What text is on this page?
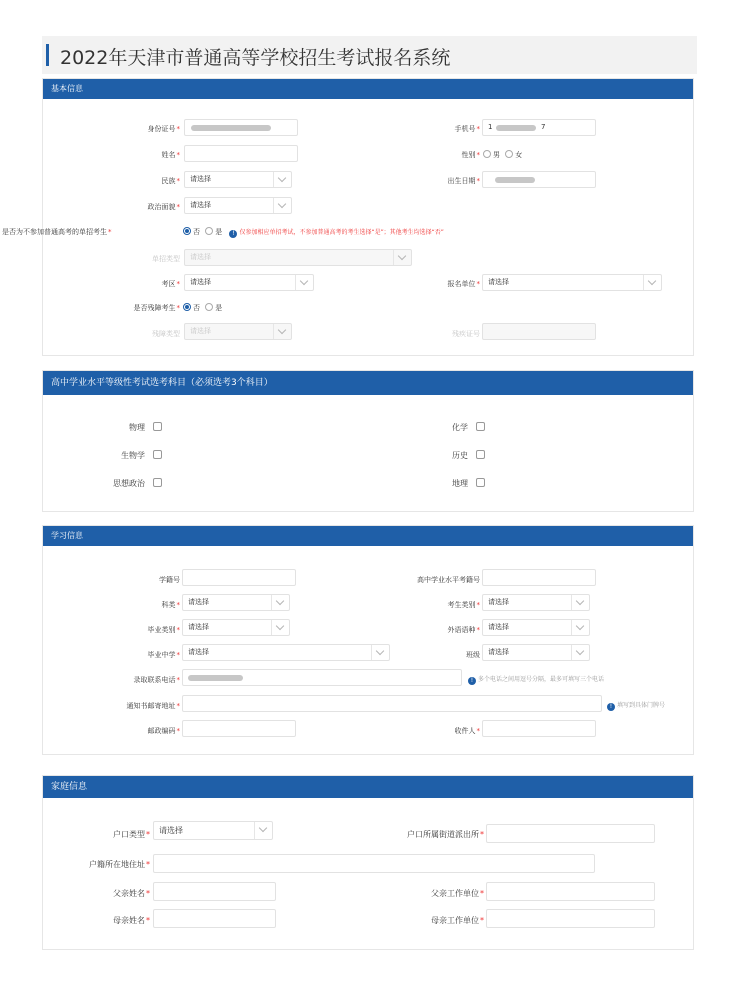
2022年天津市普通高等学校招生考试报名系统
基本信息
身份证号*	手机号*	1	7
姓名*	性别*	男 女
民族*	请选择	出生日期*
政治面貌*	请选择
是否为不参加普通高考的单招考生*	否 是 ! 仅参加相应单招考试，不参加普通高考的考生选择“是”；其他考生均选择“否”
单招类型	请选择
考区*	请选择	报名单位*	请选择
是否残障考生*	否 是
残障类型	请选择	残疾证号
高中学业水平等级性考试选考科目（必须选考3个科目）
物理	化学
生物学	历史
思想政治	地理
学习信息
学籍号	高中学业水平考籍号
科类*	请选择	考生类别*	请选择
毕业类别*	请选择	外语语种*	请选择
毕业中学*	请选择	班级	请选择
录取联系电话*	! 多个电话之间用逗号分隔，最多可填写三个电话
通知书邮寄地址*	! 填写到具体门牌号
邮政编码*	收件人*
家庭信息
户口类型*	请选择	户口所属街道派出所*
户籍所在地住址*
父亲姓名*	父亲工作单位*
母亲姓名*	母亲工作单位*
